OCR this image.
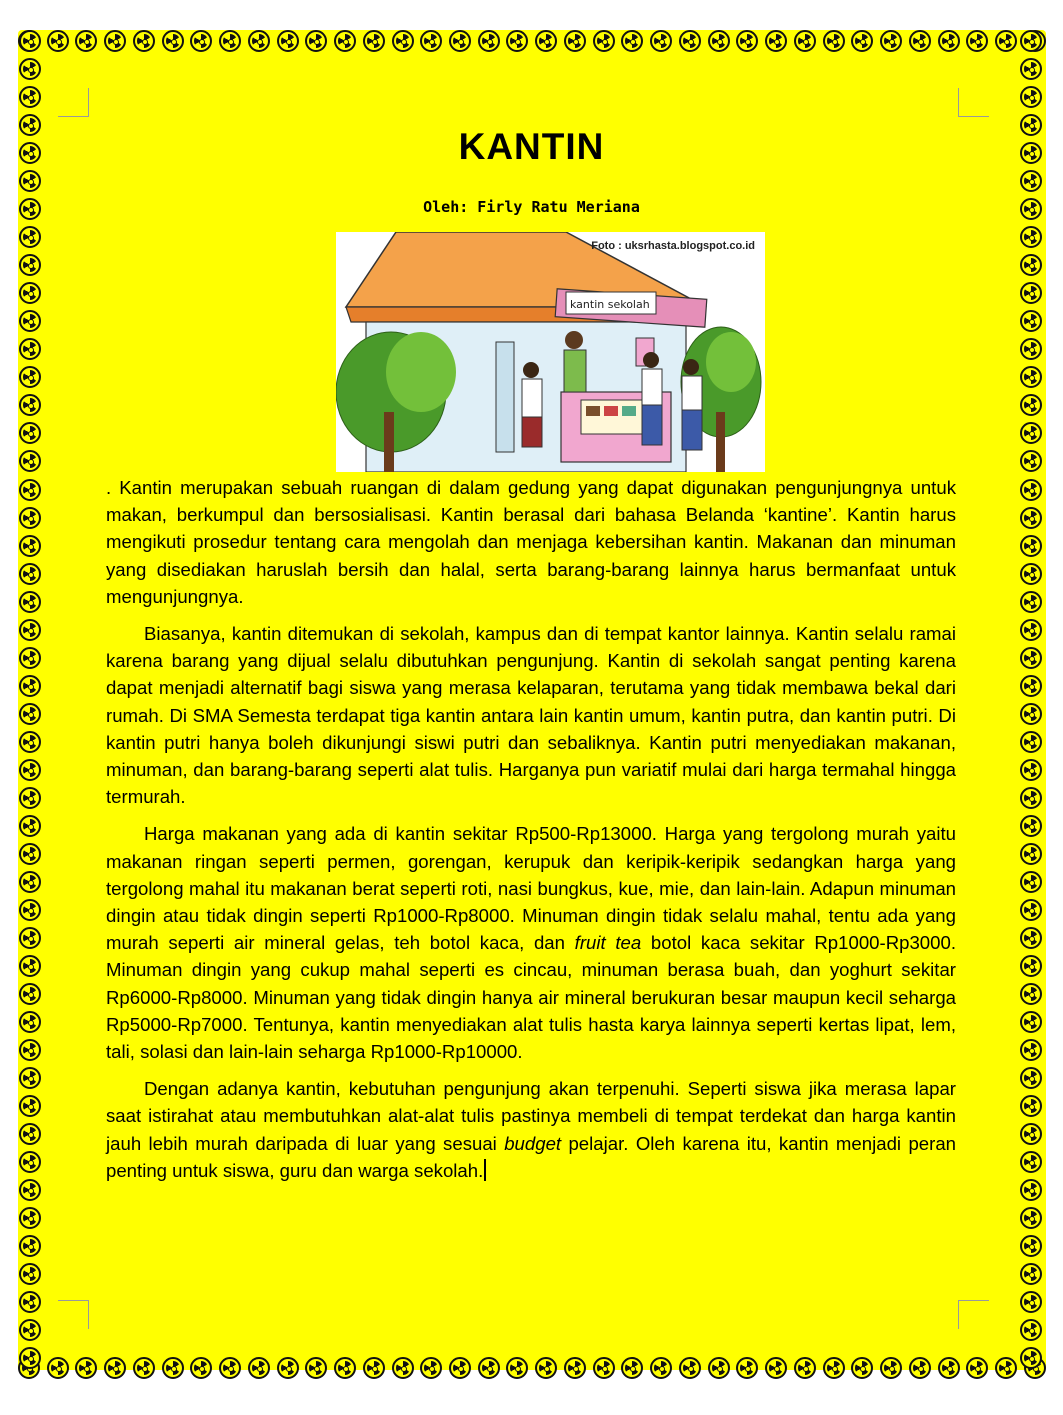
KANTIN
Oleh: Firly Ratu Meriana
kantin sekolah
Foto : uksrhasta.blogspot.co.id

. Kantin merupakan sebuah ruangan di dalam gedung yang dapat digunakan pengunjungnya untuk makan, berkumpul dan bersosialisasi. Kantin berasal dari bahasa Belanda ‘kantine’. Kantin harus mengikuti prosedur tentang cara mengolah dan menjaga kebersihan kantin. Makanan dan minuman yang disediakan haruslah bersih dan halal, serta barang-barang lainnya harus bermanfaat untuk mengunjungnya.

Biasanya, kantin ditemukan di sekolah, kampus dan di tempat kantor lainnya. Kantin selalu ramai karena barang yang dijual selalu dibutuhkan pengunjung. Kantin di sekolah sangat penting karena dapat menjadi alternatif bagi siswa yang merasa kelaparan, terutama yang tidak membawa bekal dari rumah. Di SMA Semesta terdapat tiga kantin antara lain kantin umum, kantin putra, dan kantin putri. Di kantin putri hanya boleh dikunjungi siswi putri dan sebaliknya. Kantin putri menyediakan makanan, minuman, dan barang-barang seperti alat tulis. Harganya pun variatif mulai dari harga termahal hingga termurah.

Harga makanan yang ada di kantin sekitar Rp500-Rp13000. Harga yang tergolong murah yaitu makanan ringan seperti permen, gorengan, kerupuk dan keripik-keripik sedangkan harga yang tergolong mahal itu makanan berat seperti roti, nasi bungkus, kue, mie, dan lain-lain. Adapun minuman dingin atau tidak dingin seperti Rp1000-Rp8000. Minuman dingin tidak selalu mahal, tentu ada yang murah seperti air mineral gelas, teh botol kaca, dan fruit tea botol kaca sekitar Rp1000-Rp3000. Minuman dingin yang cukup mahal seperti es cincau, minuman berasa buah, dan yoghurt sekitar Rp6000-Rp8000. Minuman yang tidak dingin hanya air mineral berukuran besar maupun kecil seharga Rp5000-Rp7000. Tentunya, kantin menyediakan alat tulis hasta karya lainnya seperti kertas lipat, lem, tali, solasi dan lain-lain seharga Rp1000-Rp10000.

Dengan adanya kantin, kebutuhan pengunjung akan terpenuhi. Seperti siswa jika merasa lapar saat istirahat atau membutuhkan alat-alat tulis pastinya membeli di tempat terdekat dan harga kantin jauh lebih murah daripada di luar yang sesuai budget pelajar. Oleh karena itu, kantin menjadi peran penting untuk siswa, guru dan warga sekolah.
